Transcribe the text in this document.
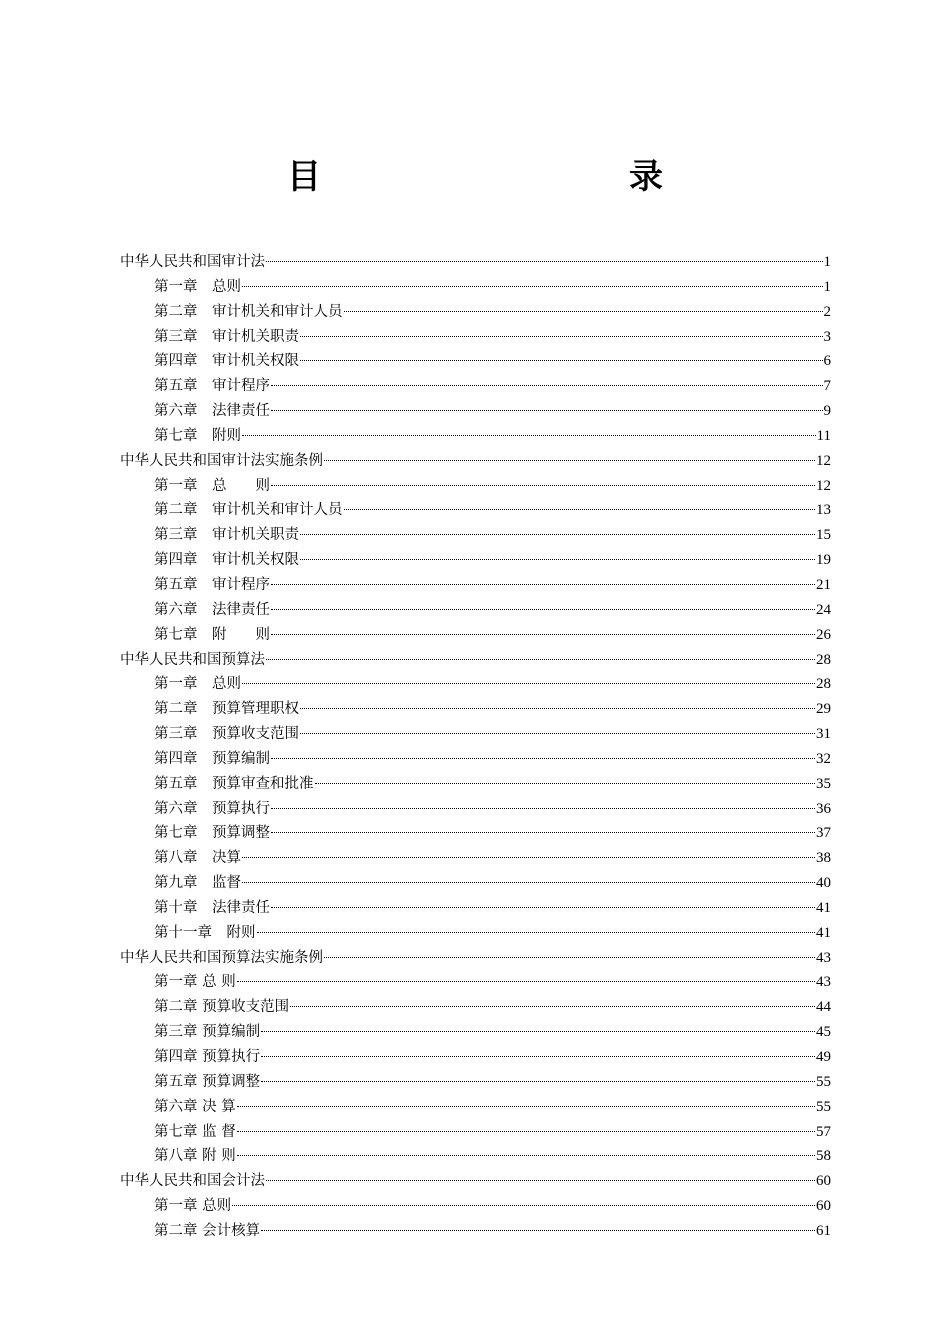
目　　录
中华人民共和国审计法	1
第一章　总则	1
第二章　审计机关和审计人员	2
第三章　审计机关职责	3
第四章　审计机关权限	6
第五章　审计程序	7
第六章　法律责任	9
第七章　附则	11
中华人民共和国审计法实施条例	12
第一章　总　　则	12
第二章　审计机关和审计人员	13
第三章　审计机关职责	15
第四章　审计机关权限	19
第五章　审计程序	21
第六章　法律责任	24
第七章　附　　则	26
中华人民共和国预算法	28
第一章　总则	28
第二章　预算管理职权	29
第三章　预算收支范围	31
第四章　预算编制	32
第五章　预算审查和批准	35
第六章　预算执行	36
第七章　预算调整	37
第八章　决算	38
第九章　监督	40
第十章　法律责任	41
第十一章　附则	41
中华人民共和国预算法实施条例	43
第一章 总 则	43
第二章 预算收支范围	44
第三章 预算编制	45
第四章 预算执行	49
第五章 预算调整	55
第六章 决 算	55
第七章 监 督	57
第八章 附 则	58
中华人民共和国会计法	60
第一章 总则	60
第二章 会计核算	61
